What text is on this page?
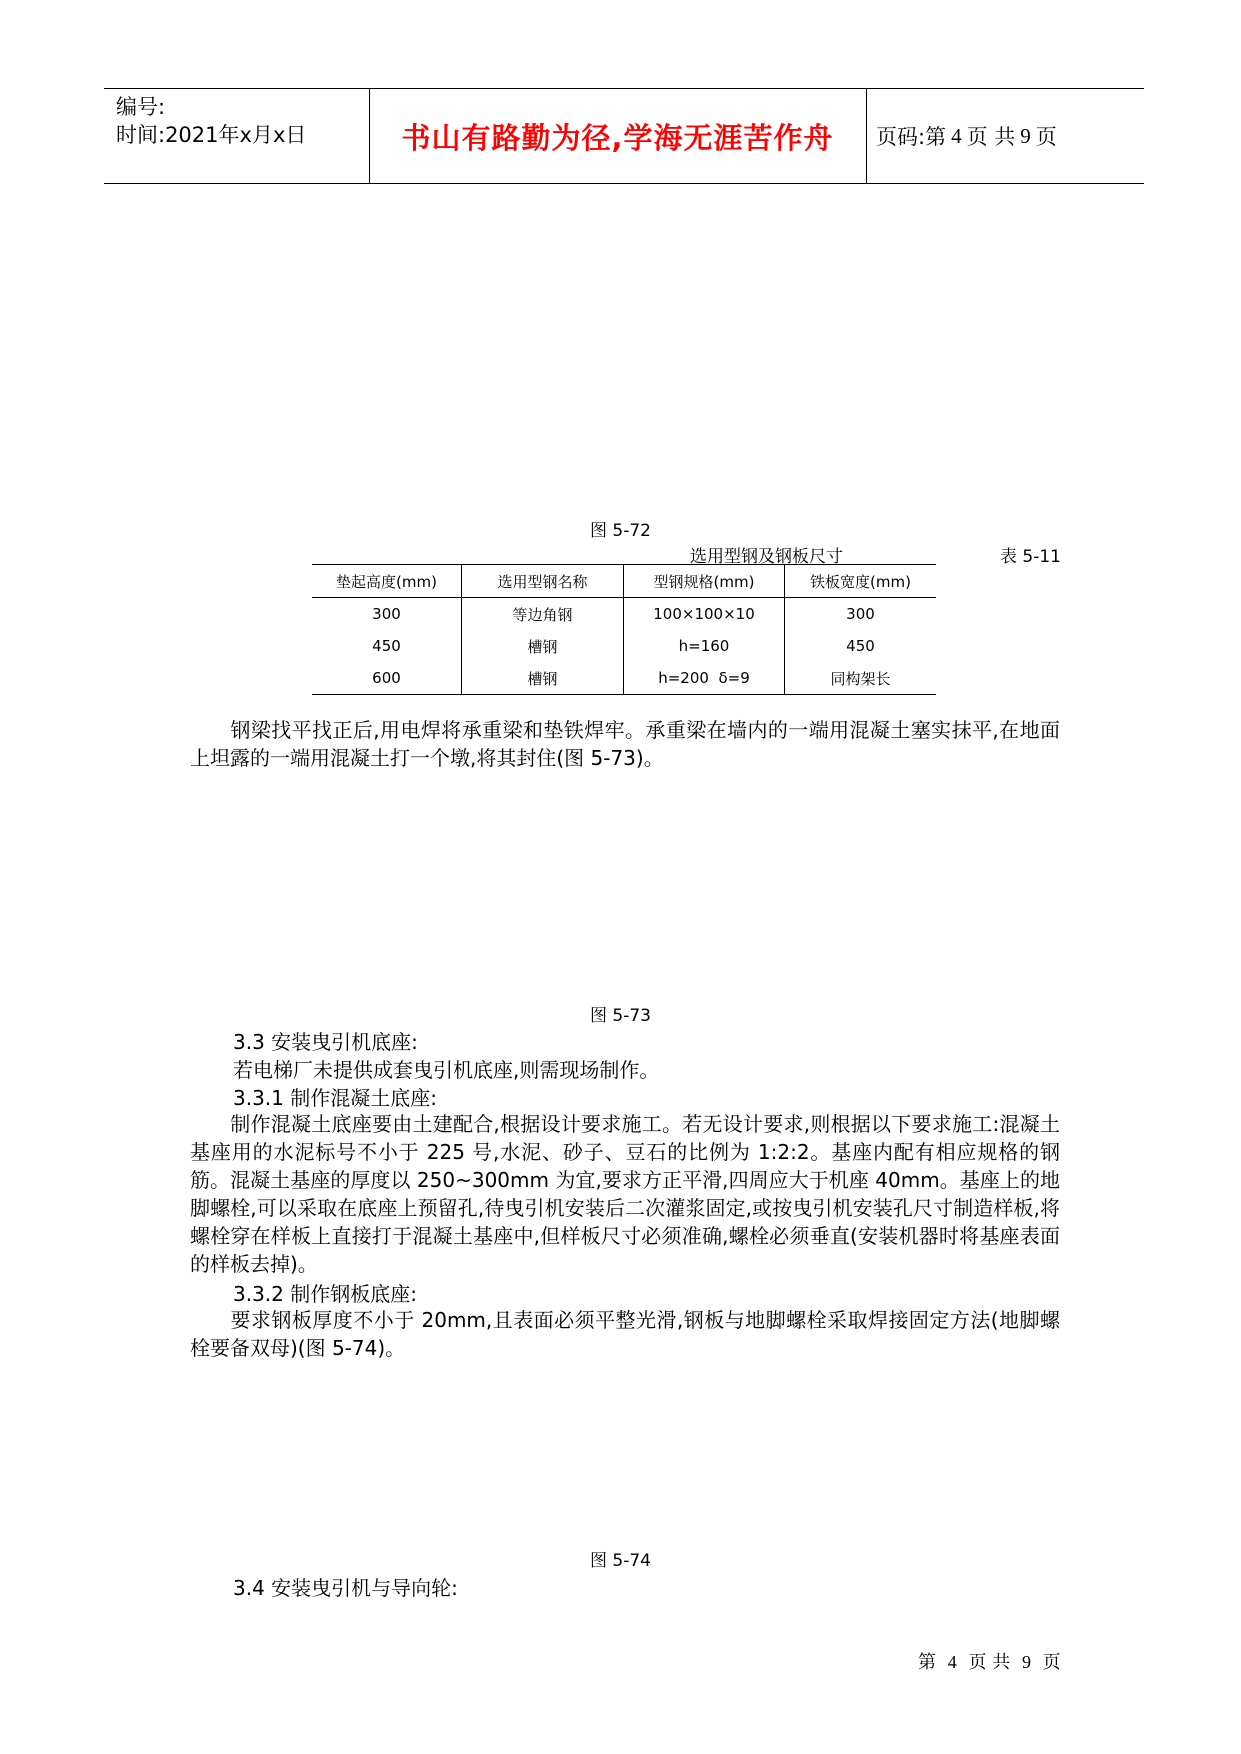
编号:
时间:2021年x月x日	书山有路勤为径,学海无涯苦作舟	页码:第 4 页 共 9 页
图 5-72
选用型钢及钢板尺寸	表 5-11
垫起高度(mm)	选用型钢名称	型钢规格(mm)	铁板宽度(mm)
300	等边角钢	100×100×10	300
450	槽钢	h=160	450
600	槽钢	h=200  δ=9	同构架长
钢梁找平找正后,用电焊将承重梁和垫铁焊牢。承重梁在墙内的一端用混凝土塞实抹平,在地面上坦露的一端用混凝土打一个墩,将其封住(图 5-73)。
图 5-73
3.3 安装曳引机底座:
若电梯厂未提供成套曳引机底座,则需现场制作。
3.3.1 制作混凝土底座:
制作混凝土底座要由土建配合,根据设计要求施工。若无设计要求,则根据以下要求施工:混凝土基座用的水泥标号不小于 225 号,水泥、砂子、豆石的比例为 1:2:2。基座内配有相应规格的钢筋。混凝土基座的厚度以 250~300mm 为宜,要求方正平滑,四周应大于机座 40mm。基座上的地脚螺栓,可以采取在底座上预留孔,待曳引机安装后二次灌浆固定,或按曳引机安装孔尺寸制造样板,将螺栓穿在样板上直接打于混凝土基座中,但样板尺寸必须准确,螺栓必须垂直(安装机器时将基座表面的样板去掉)。
3.3.2 制作钢板底座:
要求钢板厚度不小于 20mm,且表面必须平整光滑,钢板与地脚螺栓采取焊接固定方法(地脚螺栓要备双母)(图 5-74)。
图 5-74
3.4 安装曳引机与导向轮:
第 4 页 共 9 页
